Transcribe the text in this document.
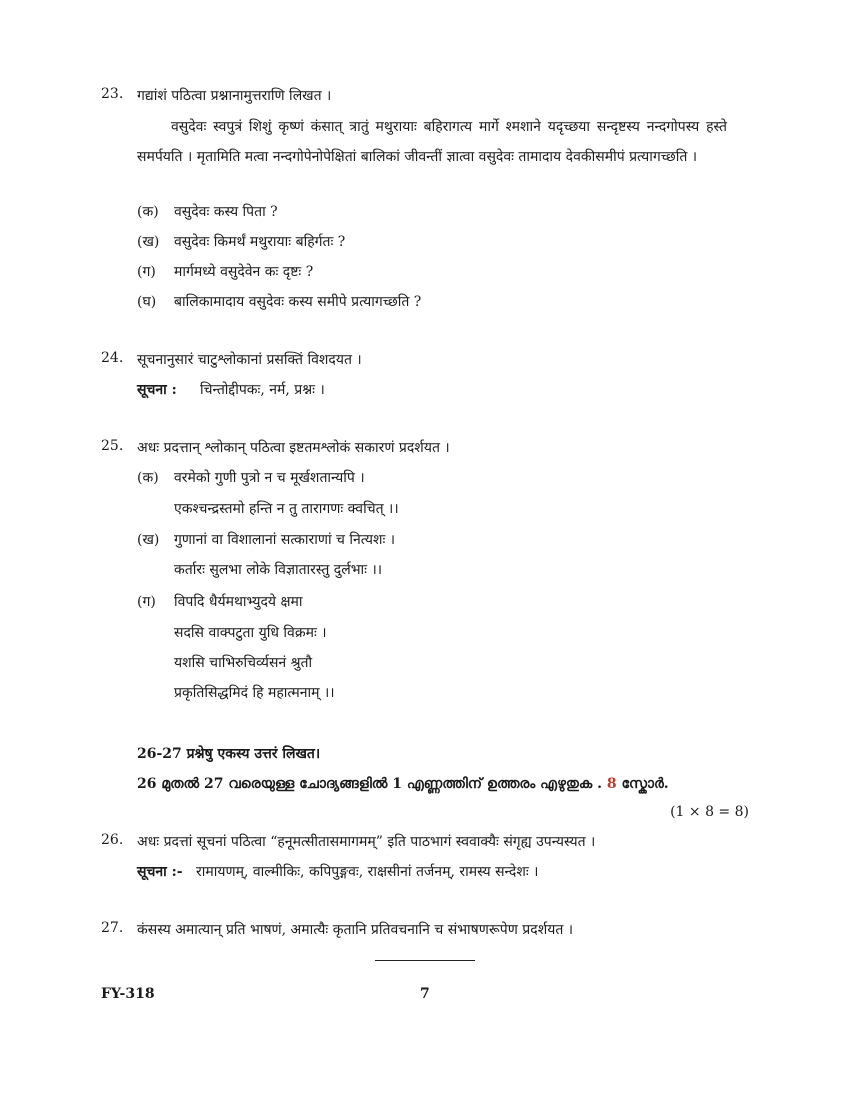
23. गद्यांशं पठित्वा प्रश्नानामुत्तराणि लिखत ।
वसुदेवः स्वपुत्रं शिशुं कृष्णं कंसात् त्रातुं मथुरायाः बहिरागत्य मार्गे श्मशाने यदृच्छया सन्दृष्टस्य नन्दगोपस्य हस्ते समर्पयति । मृतामिति मत्वा नन्दगोपेनोपेक्षितां बालिकां जीवन्तीं ज्ञात्वा वसुदेवः तामादाय देवकीसमीपं प्रत्यागच्छति ।
(क) वसुदेवः कस्य पिता ?
(ख) वसुदेवः किमर्थं मथुरायाः बहिर्गतः ?
(ग) मार्गमध्ये वसुदेवेन कः दृष्टः ?
(घ) बालिकामादाय वसुदेवः कस्य समीपे प्रत्यागच्छति ?
24. सूचनानुसारं चाटुश्लोकानां प्रसक्तिं विशदयत ।
सूचना : चिन्तोद्दीपकः, नर्म, प्रश्नः ।
25. अधः प्रदत्तान् श्लोकान् पठित्वा इष्टतमश्लोकं सकारणं प्रदर्शयत ।
(क) वरमेको गुणी पुत्रो न च मूर्खशतान्यपि ।
एकश्चन्द्रस्तमो हन्ति न तु तारागणः क्वचित् ।।
(ख) गुणानां वा विशालानां सत्काराणां च नित्यशः ।
कर्तारः सुलभा लोके विज्ञातारस्तु दुर्लभाः ।।
(ग) विपदि धैर्यमथाभ्युदये क्षमा
सदसि वाक्पटुता युधि विक्रमः ।
यशसि चाभिरुचिर्व्यसनं श्रुतौ
प्रकृतिसिद्धमिदं हि महात्मनाम् ।।
26-27 प्रश्नेषु एकस्य उत्तरं लिखत।
26 മുതൽ 27 വരെയുള്ള ചോദ്യങ്ങളിൽ 1 എണ്ണത്തിന് ഉത്തരം എഴുതുക . 8 സ്കോർ.
(1 × 8 = 8)
26. अधः प्रदत्तां सूचनां पठित्वा “हनूमत्सीतासमागमम्” इति पाठभागं स्ववाक्यैः संगृह्य उपन्यस्यत ।
सूचना :- रामायणम्, वाल्मीकिः, कपिपुङ्गवः, राक्षसीनां तर्जनम्, रामस्य सन्देशः ।
27. कंसस्य अमात्यान् प्रति भाषणं, अमात्यैः कृतानि प्रतिवचनानि च संभाषणरूपेण प्रदर्शयत ।
FY-318	7
